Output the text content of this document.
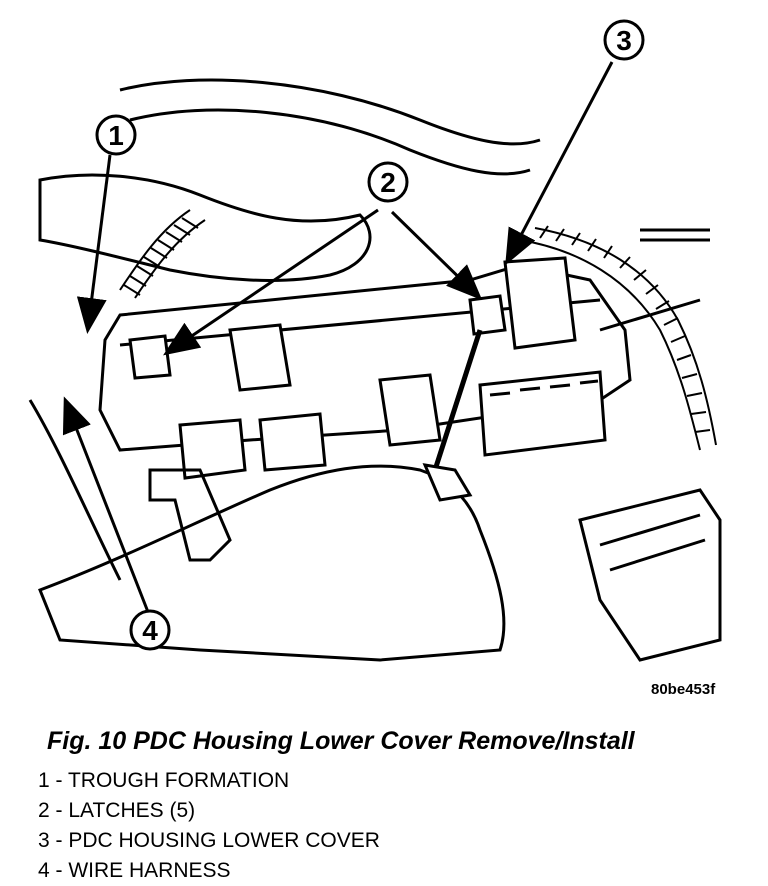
1
2
3
4
80be453f
Fig. 10 PDC Housing Lower Cover Remove/Install
1 - TROUGH FORMATION
2 - LATCHES (5)
3 - PDC HOUSING LOWER COVER
4 - WIRE HARNESS
